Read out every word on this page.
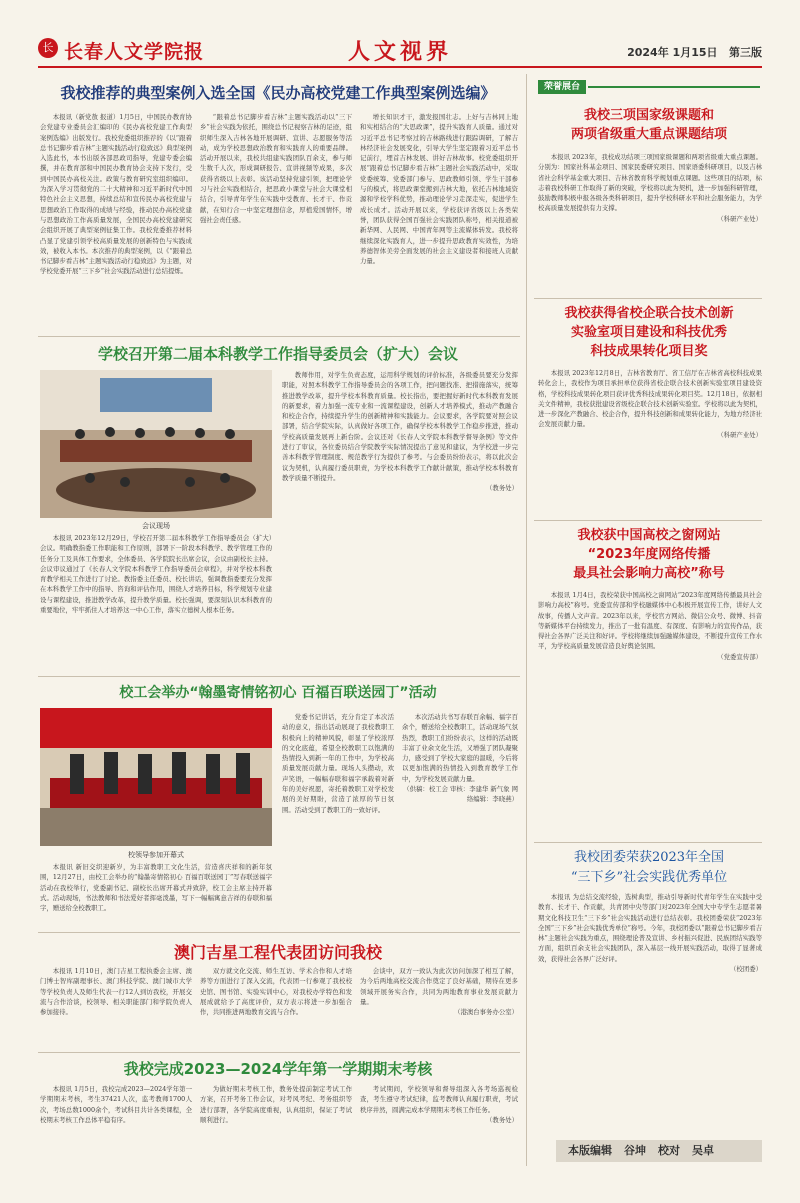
长 长春人文学院报	人文视界	2024年 1月15日 第三版
我校推荐的典型案例入选全国《民办高校党建工作典型案例选编》

本报讯（新党敖 报道）1月5日，中国民办教育协会党建专业委员会汇编印的《民办高校党建工作典型案例选编》出版发行。我校党委组织推荐的《以“跟着总书记脚步看吉林”主题实践活动行稳致远》典型案例入选此书，本书出版各部思政司指导，党建专委会编撰，并在教育部和中国民办教育协会支持下发行，受到中国民办高校关注。政策与教育研究室组织编印。为深入学习贯彻党的二十大精神和习近平新时代中国特色社会主义思想，持续总结和宣传民办高校党建与思想政治工作取得的成绩与经验，推动民办高校党建与思想政治工作高质量发展，全国民办高校党建研究会组织开展了典型案例征集工作。我校党委推荐材料凸显了党建引领学校高质量发展的创新特色与实践成效，被收入本书。本次推荐的典型案例，以《“跟着总书记脚步看吉林”主题实践活动行稳致远》为主题，对学校党委开展“三下乡”社会实践活动进行总结提炼。

“跟着总书记脚步看吉林”主题实践活动以“三下乡”社会实践为依托，围绕总书记视察吉林的足迹，组织师生深入吉林各地开展调研、宣讲、志愿服务等活动，成为学校思想政治教育和实践育人的重要品牌。活动开展以来，我校共组建实践团队百余支，参与师生数千人次，形成调研报告、宣讲视频等成果，多次获得省级以上表彰。该活动坚持党建引领，把理论学习与社会实践相结合，把思政小课堂与社会大课堂相结合，引导青年学生在实践中受教育、长才干、作贡献，在知行合一中坚定理想信念，厚植爱国情怀，增强社会责任感。

增长知识才干，激发报国壮志。上好与吉林同上地和实相结合的“大思政课”，提升实践育人质量。通过对习近平总书记考察过的吉林路线进行跟踪调研，了解吉林经济社会发展变化，引导大学生坚定跟着习近平总书记前行，埋首吉林发展、讲好吉林故事。校党委组织开展“跟着总书记脚步看吉林”主题社会实践活动中，采取党委统筹、党委部门参与、思政教师引领、学生干部参与的模式，将思政课堂搬到吉林大地，依托吉林地域资源和学校学科优势，推动理论学习走深走实，促进学生成长成才。活动开展以来，学校获评省级以上各类荣誉，团队获得全国百强社会实践团队称号，相关报道被新华网、人民网、中国青年网等主流媒体转发。我校将继续深化实践育人，进一步提升思政教育实效性，为培养德智体美劳全面发展的社会主义建设者和接班人贡献力量。

学校召开第二届本科教学工作指导委员会（扩大）会议
会议现场

本报讯 2023年12月29日，学校召开第二届本科教学工作指导委员会（扩大）会议。明确教指委工作职能和工作原则，部署下一阶段本科教学、教学管理工作的任务分工及具体工作要求，全体委员、各学院院长出席会议，会议由副校长主持。会议审议通过了《长春人文学院本科教学工作指导委员会章程》，并对学校本科教育教学相关工作进行了讨论。教指委主任委员、校长讲话，强调教指委要充分发挥在本科教学工作中的指导、咨询和评估作用，围绕人才培养目标，科学规划专业建设与课程建设，推进教学改革，提升教学质量。校长强调，要深刻认识本科教育的重要地位，牢牢抓住人才培养这一中心工作，落实立德树人根本任务。

教师作用，对学生负责态度，运用科学规划的评价标准，各级委员要充分发挥职能，对照本科教学工作指导委员会的各项工作，把问题找准、把措施落实，统筹推进教学改革，提升学校本科教育质量。校长指出，要把握好新时代本科教育发展的新要求，着力加强一流专业和一流课程建设，创新人才培养模式，推动产教融合和校企合作，持续提升学生的创新精神和实践能力。会议要求，各学院要对照会议部署，结合学院实际，认真做好各项工作，确保学校本科教学工作稳步推进，推动学校高质量发展再上新台阶。会议还对《长春人文学院本科教学督导条例》等文件进行了审议，各位委员结合学院教学实际情况提出了意见和建议，为学校进一步完善本科教学管理制度、规范教学行为提供了参考。与会委员纷纷表示，将以此次会议为契机，认真履行委员职责，为学校本科教学工作献计献策，推动学校本科教育教学质量不断提升。

（教务处）
校工会举办“翰墨寄情铭初心 百福百联送园丁”活动
校领导参加开幕式

本报讯 新旧交织迎新岁，为丰富教职工文化生活，营造喜庆祥和的新年氛围，12月27日，由校工会举办的“翰墨寄情铭初心 百福百联送园丁”写春联送福字活动在我校举行，党委副书记、副校长出席开幕式并致辞，校工会主席主持开幕式。活动现场，书法教师和书法爱好者挥毫泼墨，写下一幅幅寓意吉祥的春联和福字，赠送给全校教职工。

党委书记讲话，充分肯定了本次活动的意义，指出活动展现了我校教职工积极向上的精神风貌，彰显了学校浓厚的文化底蕴，希望全校教职工以饱满的热情投入到新一年的工作中，为学校高质量发展贡献力量。现场人头攒动，欢声笑语，一幅幅春联和福字承载着对新年的美好祝愿，寄托着教职工对学校发展的美好期盼，营造了浓厚的节日氛围。活动受到了教职工的一致好评。

本次活动共书写春联百余幅、福字百余个，赠送给全校教职工，活动现场气氛热烈，教职工们纷纷表示，这样的活动既丰富了业余文化生活，又增强了团队凝聚力，感受到了学校大家庭的温暖，今后将以更加饱满的热情投入到教育教学工作中，为学校发展贡献力量。

（供稿：校工会 审核：李建华 新气象 网络编辑：李晓燕）
澳门吉星工程代表团访问我校

本报讯 1月10日，澳门吉星工程执委会主席、澳门博士智库副理事长、澳门科技学院、澳门城市大学等学校负责人及师生代表一行12人到访我校，开展交流与合作洽谈，校领导、相关职能部门和学院负责人参加接待。

双方就文化交流、师生互访、学术合作和人才培养等方面进行了深入交流，代表团一行参观了我校校史馆、图书馆、实验实训中心，对我校办学特色和发展成就给予了高度评价，双方表示将进一步加强合作，共同推进两地教育交流与合作。

会谈中，双方一致认为此次访问加深了相互了解，为今后两地高校交流合作奠定了良好基础，期待在更多领域开展务实合作，共同为两地教育事业发展贡献力量。

（港澳台事务办公室）
我校完成2023—2024学年第一学期期末考核

本报讯 1月5日，我校完成2023—2024学年第一学期期末考核，考生37421人次，监考教师1700人次，考场总数1000余个，考试科目共计各类课程，全校期末考核工作总体平稳有序。

为做好期末考核工作，教务处提前制定考试工作方案，召开考务工作会议，对考风考纪、考务组织等进行部署，各学院高度重视，认真组织，保证了考试顺利进行。

考试期间，学校领导和督导组深入各考场巡视检查，考生遵守考试纪律，监考教师认真履行职责，考试秩序井然，圆满完成本学期期末考核工作任务。

（教务处）
荣誉展台
我校三项国家级课题和
两项省级重大重点课题结项

本报讯 2023年，我校成功结项三项国家级课题和两项省级重大重点课题。分别为：国家社科基金项目、国家民委研究项目、国家语委科研项目，以及吉林省社会科学基金重大项目、吉林省教育科学规划重点课题。这些项目的结项，标志着我校科研工作取得了新的突破，学校将以此为契机，进一步加强科研管理，鼓励教师积极申报各级各类科研项目，提升学校科研水平和社会服务能力，为学校高质量发展提供有力支撑。

（科研产业处）
我校获得省校企联合技术创新
实验室项目建设和科技优秀
科技成果转化项目奖

本报讯 2023年12月8日，吉林省教育厅、省工信厅在吉林省高校科技成果转化会上，我校作为项目承担单位获得省校企联合技术创新实验室项目建设资格，学校科技成果转化项目获评优秀科技成果转化项目奖。12月18日，依据相关文件精神，我校获批建设省级校企联合技术创新实验室。学校将以此为契机，进一步深化产教融合、校企合作，提升科技创新和成果转化能力，为地方经济社会发展贡献力量。

（科研产业处）
我校获中国高校之窗网站
“2023年度网络传播
最具社会影响力高校”称号

本报讯 1月4日，我校荣获中国高校之窗网站“2023年度网络传播最具社会影响力高校”称号。党委宣传部和学校融媒体中心积极开展宣传工作，讲好人文故事，传播人文声音。2023年以来，学校官方网站、微信公众号、微博、抖音等新媒体平台持续发力，推出了一批有温度、有深度、有影响力的宣传作品，获得社会各界广泛关注和好评。学校将继续加强融媒体建设，不断提升宣传工作水平，为学校高质量发展营造良好舆论氛围。

（党委宣传部）
我校团委荣获2023年全国
“三下乡”社会实践优秀单位

本报讯 为总结交流经验，选树典型，推动引导新时代青年学生在实践中受教育、长才干、作贡献，共青团中央等部门对2023年全国大中专学生志愿者暑期文化科技卫生“三下乡”社会实践活动进行总结表彰。我校团委荣获“2023年全国“三下乡”社会实践优秀单位”称号。今年，我校团委以“跟着总书记脚步看吉林”主题社会实践为重点，围绕理论普及宣讲、乡村振兴促进、民族团结实践等方面，组织百余支社会实践团队，深入基层一线开展实践活动，取得了显著成效，获得社会各界广泛好评。

（校团委）
本版编辑 谷坤 校对 吴卓
